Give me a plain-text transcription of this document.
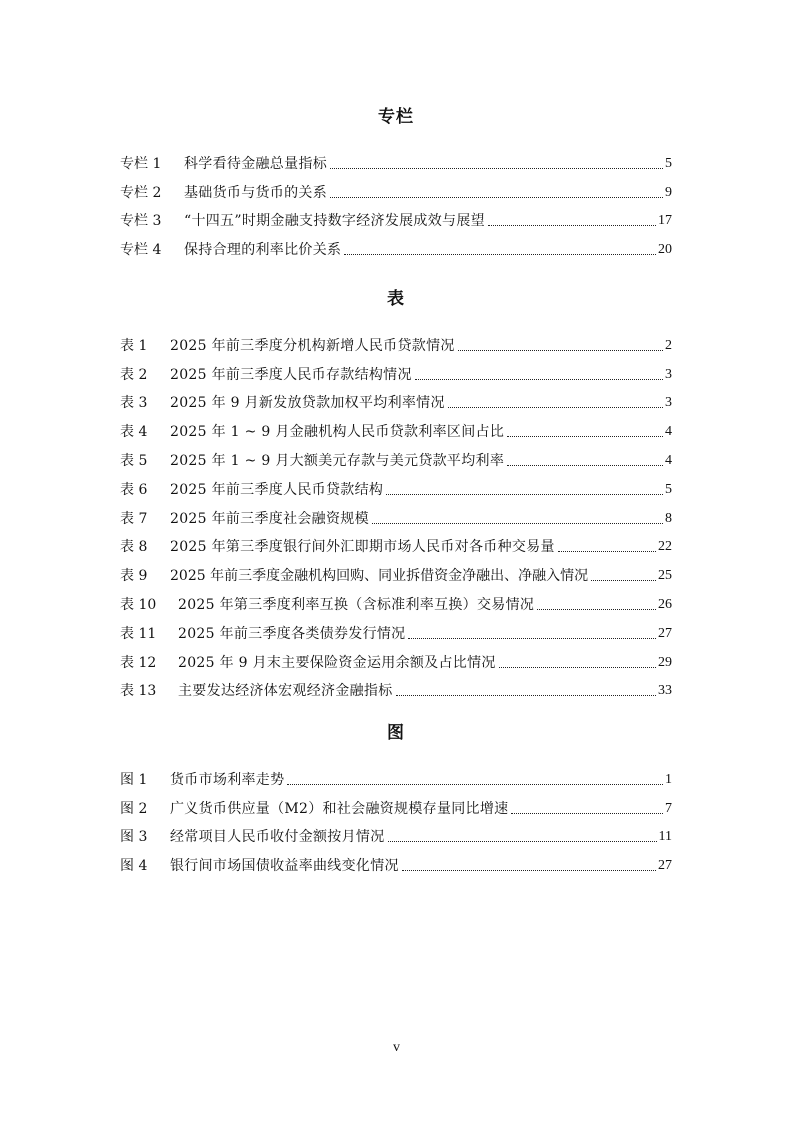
专栏
专栏 1	科学看待金融总量指标	5
专栏 2	基础货币与货币的关系	9
专栏 3	“十四五”时期金融支持数字经济发展成效与展望	17
专栏 4	保持合理的利率比价关系	20
表
表 1	2025 年前三季度分机构新增人民币贷款情况	2
表 2	2025 年前三季度人民币存款结构情况	3
表 3	2025 年 9 月新发放贷款加权平均利率情况	3
表 4	2025 年 1 ~ 9 月金融机构人民币贷款利率区间占比	4
表 5	2025 年 1 ~ 9 月大额美元存款与美元贷款平均利率	4
表 6	2025 年前三季度人民币贷款结构	5
表 7	2025 年前三季度社会融资规模	8
表 8	2025 年第三季度银行间外汇即期市场人民币对各币种交易量	22
表 9	2025 年前三季度金融机构回购、同业拆借资金净融出、净融入情况	25
表 10	2025 年第三季度利率互换（含标准利率互换）交易情况	26
表 11	2025 年前三季度各类债券发行情况	27
表 12	2025 年 9 月末主要保险资金运用余额及占比情况	29
表 13	主要发达经济体宏观经济金融指标	33
图
图 1	货币市场利率走势	1
图 2	广义货币供应量（M2）和社会融资规模存量同比增速	7
图 3	经常项目人民币收付金额按月情况	11
图 4	银行间市场国债收益率曲线变化情况	27
v
